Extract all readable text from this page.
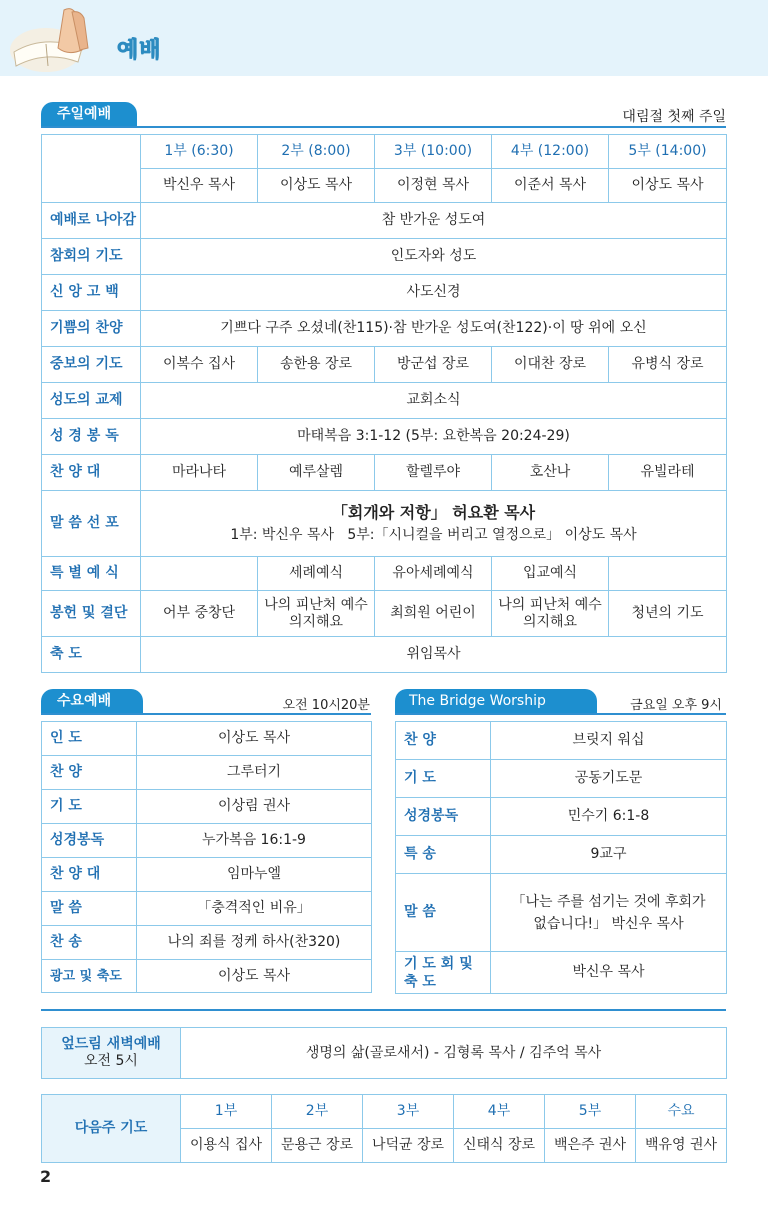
예배
주일예배	대림절 첫째 주일
	1부 (6:30)	2부 (8:00)	3부 (10:00)	4부 (12:00)	5부 (14:00)
	박신우 목사	이상도 목사	이정현 목사	이준서 목사	이상도 목사
예배로 나아감	참 반가운 성도여				
참회의 기도	인도자와 성도				
신 앙 고 백	사도신경				
기쁨의 찬양	기쁘다 구주 오셨네(찬115)·참 반가운 성도여(찬122)·이 땅 위에 오신				
중보의 기도	이복수 집사	송한용 장로	방군섭 장로	이대찬 장로	유병식 장로
성도의 교제	교회소식				
성 경 봉 독	마태복음 3:1-12 (5부: 요한복음 20:24-29)				
찬 양 대	마라나타	예루살렘	할렐루야	호산나	유빌라테
말 씀 선 포	「회개와 저항」 허요환 목사
1부: 박신우 목사   5부:「시니컬을 버리고 열정으로」 이상도 목사				

특 별 예 식		세례예식	유아세례예식	입교예식	
봉헌 및 결단	어부 중창단	나의 피난처 예수 의지해요	최희원 어린이	나의 피난처 예수 의지해요	청년의 기도
축 도	위임목사				
수요예배	오전 10시20분
인 도	이상도 목사
찬 양	그루터기
기 도	이상림 권사
성경봉독	누가복음 16:1-9
찬 양 대	임마누엘
말 씀	「충격적인 비유」
찬 송	나의 죄를 정케 하사(찬320)
광고 및 축도	이상도 목사
The Bridge Worship	금요일 오후 9시
찬 양	브릿지 워십
기 도	공동기도문
성경봉독	민수기 6:1-8
특 송	9교구
말 씀	「나는 주를 섬기는 것에 후회가 없습니다!」 박신우 목사
기 도 회 및 축 도	박신우 목사
엎드림 새벽예배
오전 5시
	생명의 삶(골로새서) - 김형록 목사 / 김주억 목사
다음주 기도	1부	2부	3부	4부	5부	수요
	이용식 집사	문용근 장로	나덕균 장로	신태식 장로	백은주 권사	백유영 권사
2
